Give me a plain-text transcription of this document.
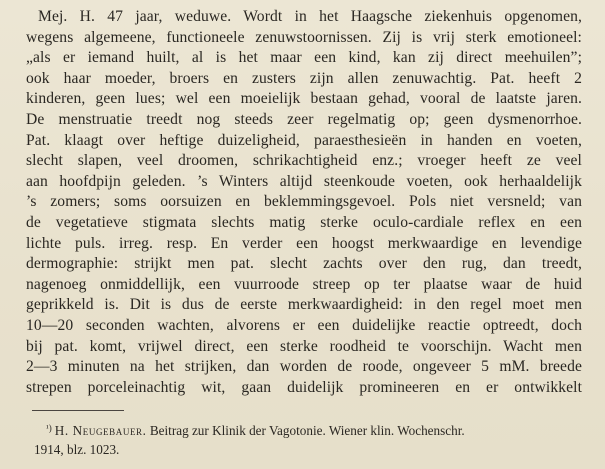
Mej. H. 47 jaar, weduwe. Wordt in het Haagsche ziekenhuis opgenomen,
wegens algemeene, functioneele zenuwstoornissen. Zij is vrij sterk emotioneel:
„als er iemand huilt, al is het maar een kind, kan zij direct meehuilen”;
ook haar moeder, broers en zusters zijn allen zenuwachtig. Pat. heeft 2
kinderen, geen lues; wel een moeielijk bestaan gehad, vooral de laatste jaren.
De menstruatie treedt nog steeds zeer regelmatig op; geen dysmenorrhoe.
Pat. klaagt over heftige duizeligheid, paraesthesieën in handen en voeten,
slecht slapen, veel droomen, schrikachtigheid enz.; vroeger heeft ze veel
aan hoofdpijn geleden. ’s Winters altijd steenkoude voeten, ook herhaaldelijk
’s zomers; soms oorsuizen en beklemmingsgevoel. Pols niet versneld; van
de vegetatieve stigmata slechts matig sterke oculo-cardiale reflex en een
lichte puls. irreg. resp. En verder een hoogst merkwaardige en levendige
dermographie: strijkt men pat. slecht zachts over den rug, dan treedt,
nagenoeg onmiddellijk, een vuurroode streep op ter plaatse waar de huid
geprikkeld is. Dit is dus de eerste merkwaardigheid: in den regel moet men
10—20 seconden wachten, alvorens er een duidelijke reactie optreedt, doch
bij pat. komt, vrijwel direct, een sterke roodheid te voorschijn. Wacht men
2—3 minuten na het strijken, dan worden de roode, ongeveer 5 mM. breede
strepen porceleinachtig wit, gaan duidelijk promineeren en er ontwikkelt
$^{^1)}$ H. Neugebauer. Beitrag zur Klinik der Vagotonie. Wiener klin. Wochenschr.
1914, blz. 1023.
